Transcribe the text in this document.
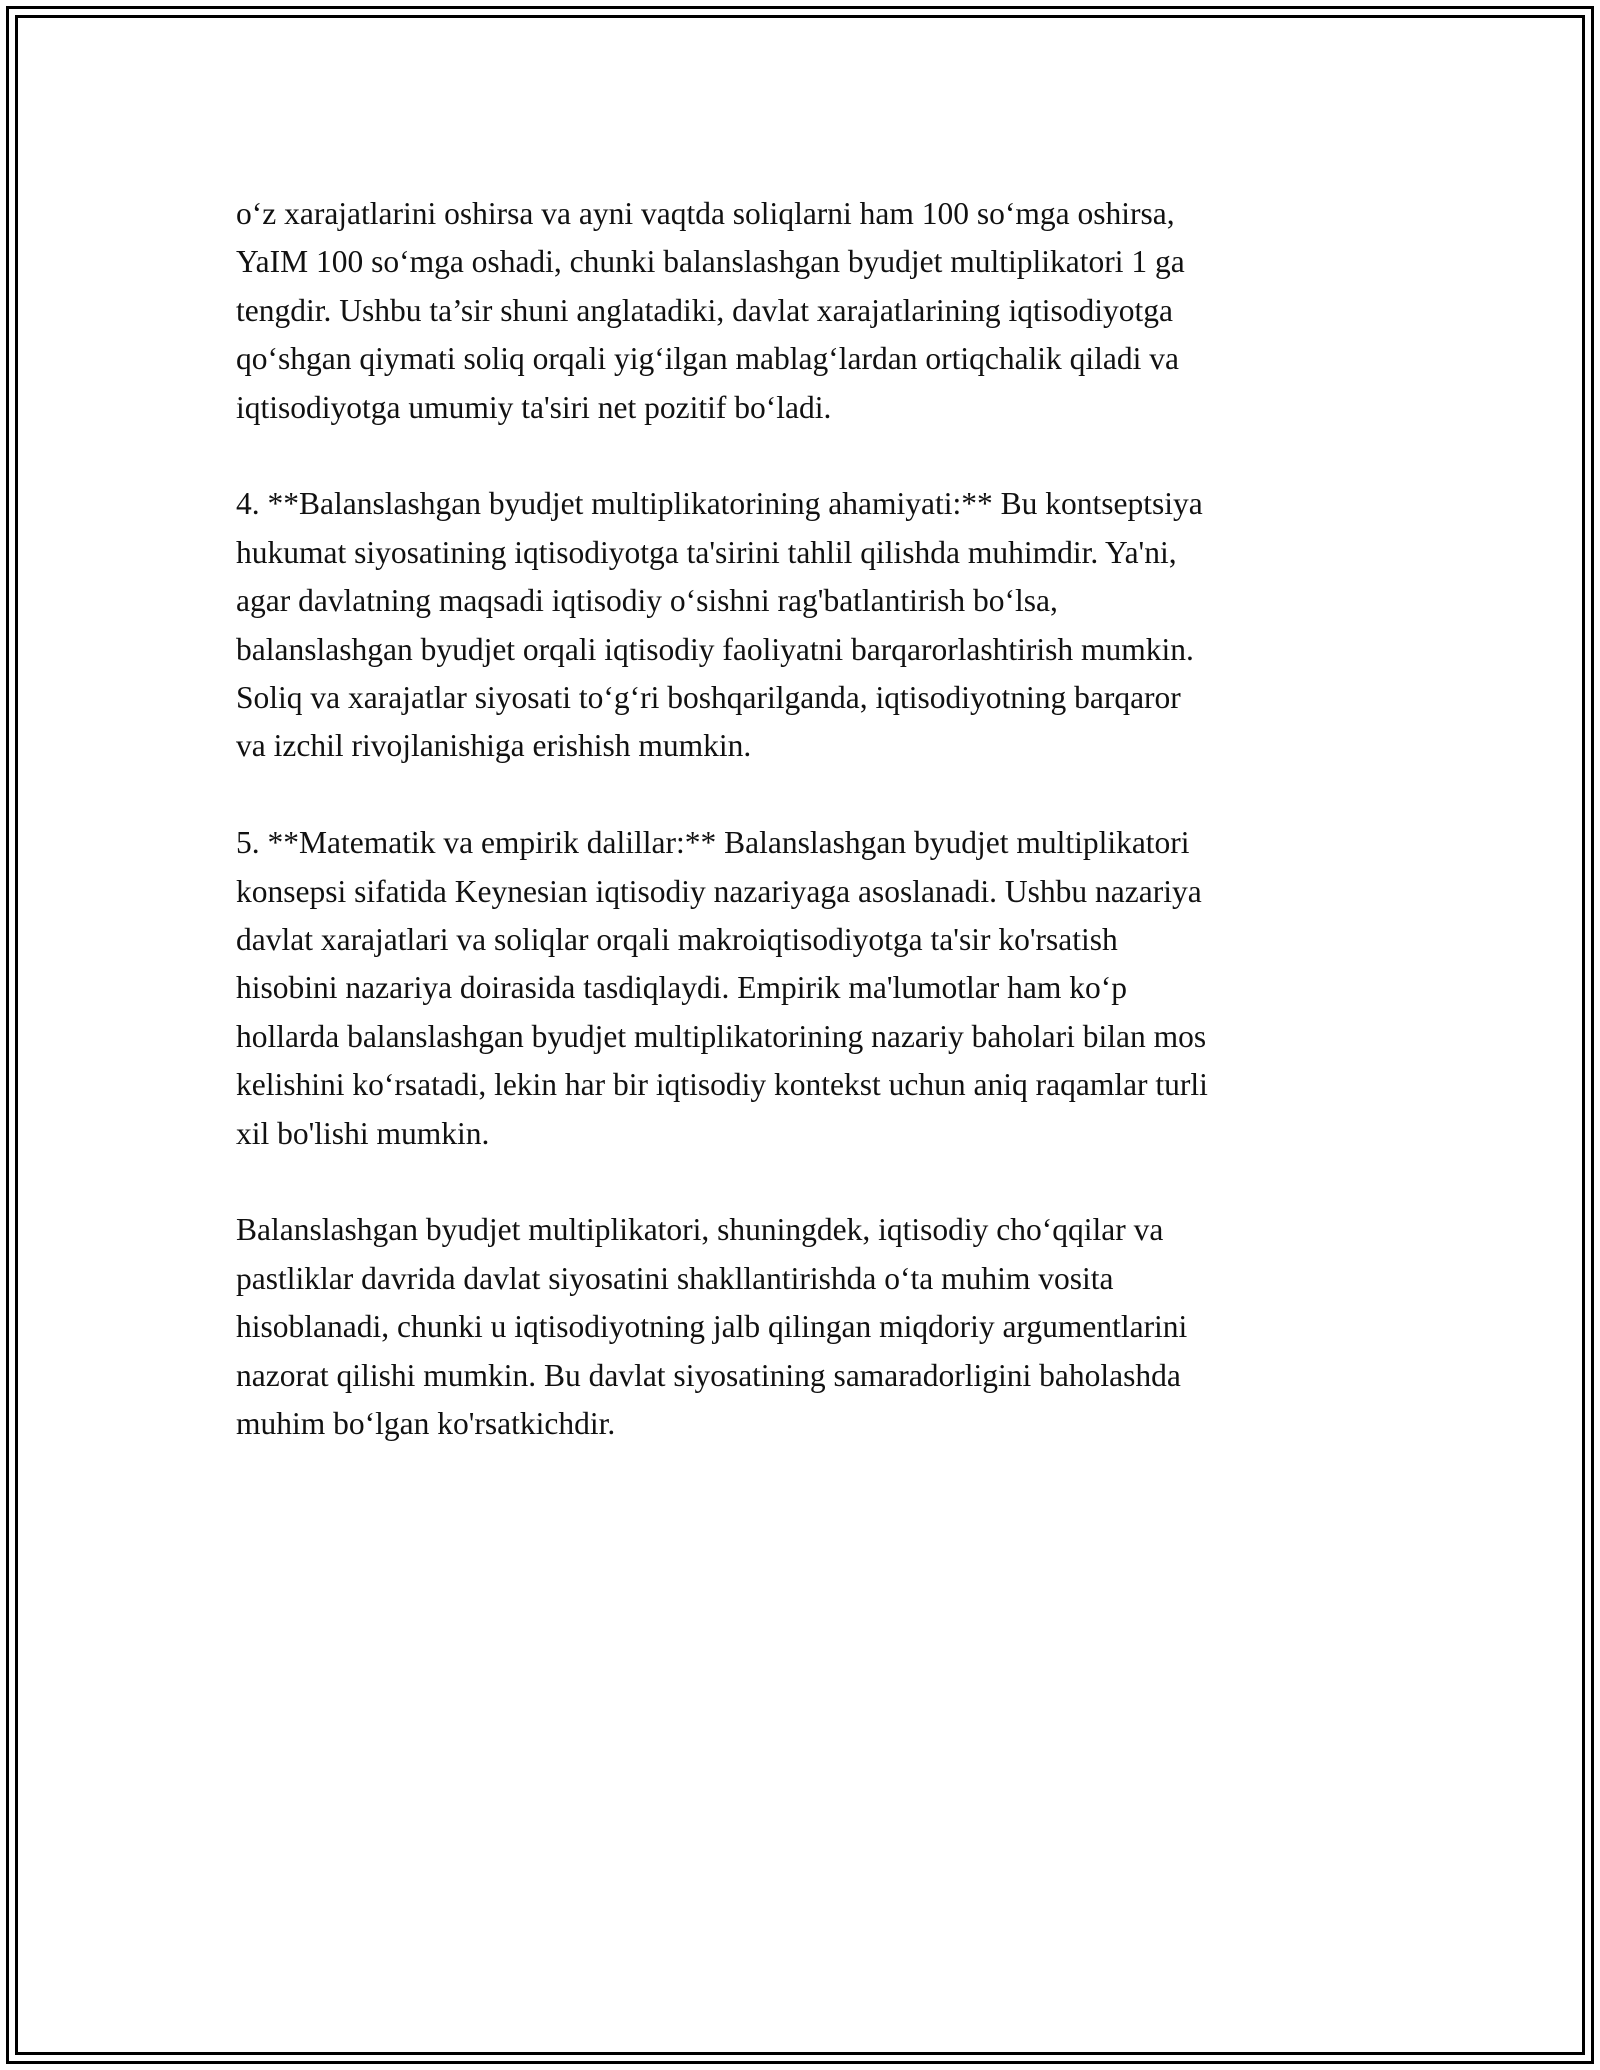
o‘z xarajatlarini oshirsa va ayni vaqtda soliqlarni ham 100 so‘mga oshirsa,
YaIM 100 so‘mga oshadi, chunki balanslashgan byudjet multiplikatori 1 ga
tengdir. Ushbu ta’sir shuni anglatadiki, davlat xarajatlarining iqtisodiyotga
qo‘shgan qiymati soliq orqali yig‘ilgan mablag‘lardan ortiqchalik qiladi va
iqtisodiyotga umumiy ta'siri net pozitif bo‘ladi.

4. **Balanslashgan byudjet multiplikatorining ahamiyati:** Bu kontseptsiya
hukumat siyosatining iqtisodiyotga ta'sirini tahlil qilishda muhimdir. Ya'ni,
agar davlatning maqsadi iqtisodiy o‘sishni rag'batlantirish bo‘lsa,
balanslashgan byudjet orqali iqtisodiy faoliyatni barqarorlashtirish mumkin.
Soliq va xarajatlar siyosati to‘g‘ri boshqarilganda, iqtisodiyotning barqaror
va izchil rivojlanishiga erishish mumkin.

5. **Matematik va empirik dalillar:** Balanslashgan byudjet multiplikatori
konsepsi sifatida Keynesian iqtisodiy nazariyaga asoslanadi. Ushbu nazariya
davlat xarajatlari va soliqlar orqali makroiqtisodiyotga ta'sir ko'rsatish
hisobini nazariya doirasida tasdiqlaydi. Empirik ma'lumotlar ham ko‘p
hollarda balanslashgan byudjet multiplikatorining nazariy baholari bilan mos
kelishini ko‘rsatadi, lekin har bir iqtisodiy kontekst uchun aniq raqamlar turli
xil bo'lishi mumkin.

Balanslashgan byudjet multiplikatori, shuningdek, iqtisodiy cho‘qqilar va
pastliklar davrida davlat siyosatini shakllantirishda o‘ta muhim vosita
hisoblanadi, chunki u iqtisodiyotning jalb qilingan miqdoriy argumentlarini
nazorat qilishi mumkin. Bu davlat siyosatining samaradorligini baholashda
muhim bo‘lgan ko'rsatkichdir.
